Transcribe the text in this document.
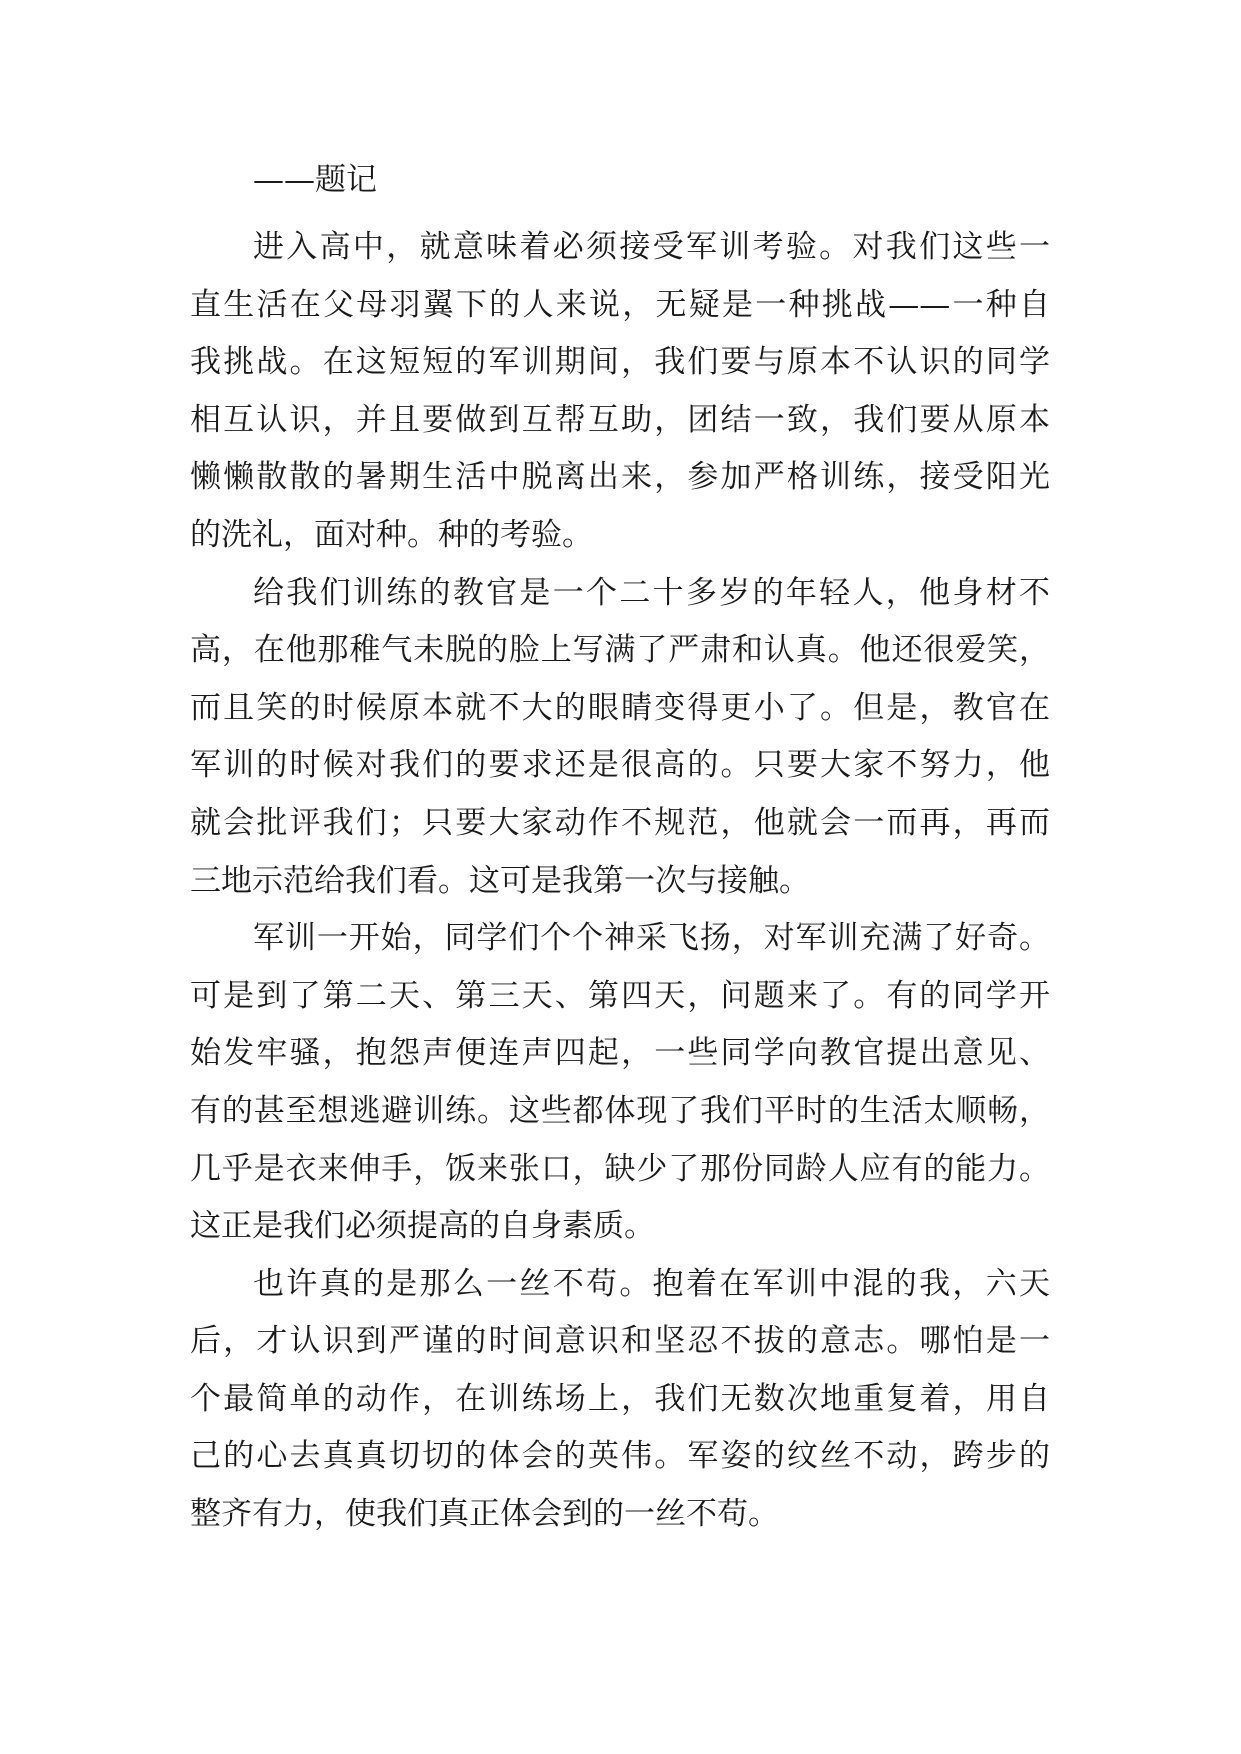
——题记

进入高中，就意味着必须接受军训考验。对我们这些一
直生活在父母羽翼下的人来说，无疑是一种挑战——一种自
我挑战。在这短短的军训期间，我们要与原本不认识的同学
相互认识，并且要做到互帮互助，团结一致，我们要从原本
懒懒散散的暑期生活中脱离出来，参加严格训练，接受阳光
的洗礼，面对种。种的考验。

给我们训练的教官是一个二十多岁的年轻人，他身材不
高，在他那稚气未脱的脸上写满了严肃和认真。他还很爱笑，
而且笑的时候原本就不大的眼睛变得更小了。但是，教官在
军训的时候对我们的要求还是很高的。只要大家不努力，他
就会批评我们；只要大家动作不规范，他就会一而再，再而
三地示范给我们看。这可是我第一次与接触。

军训一开始，同学们个个神采飞扬，对军训充满了好奇。
可是到了第二天、第三天、第四天，问题来了。有的同学开
始发牢骚，抱怨声便连声四起，一些同学向教官提出意见、
有的甚至想逃避训练。这些都体现了我们平时的生活太顺畅，
几乎是衣来伸手，饭来张口，缺少了那份同龄人应有的能力。
这正是我们必须提高的自身素质。

也许真的是那么一丝不苟。抱着在军训中混的我，六天
后，才认识到严谨的时间意识和坚忍不拔的意志。哪怕是一
个最简单的动作，在训练场上，我们无数次地重复着，用自
己的心去真真切切的体会的英伟。军姿的纹丝不动，跨步的
整齐有力，使我们真正体会到的一丝不苟。
